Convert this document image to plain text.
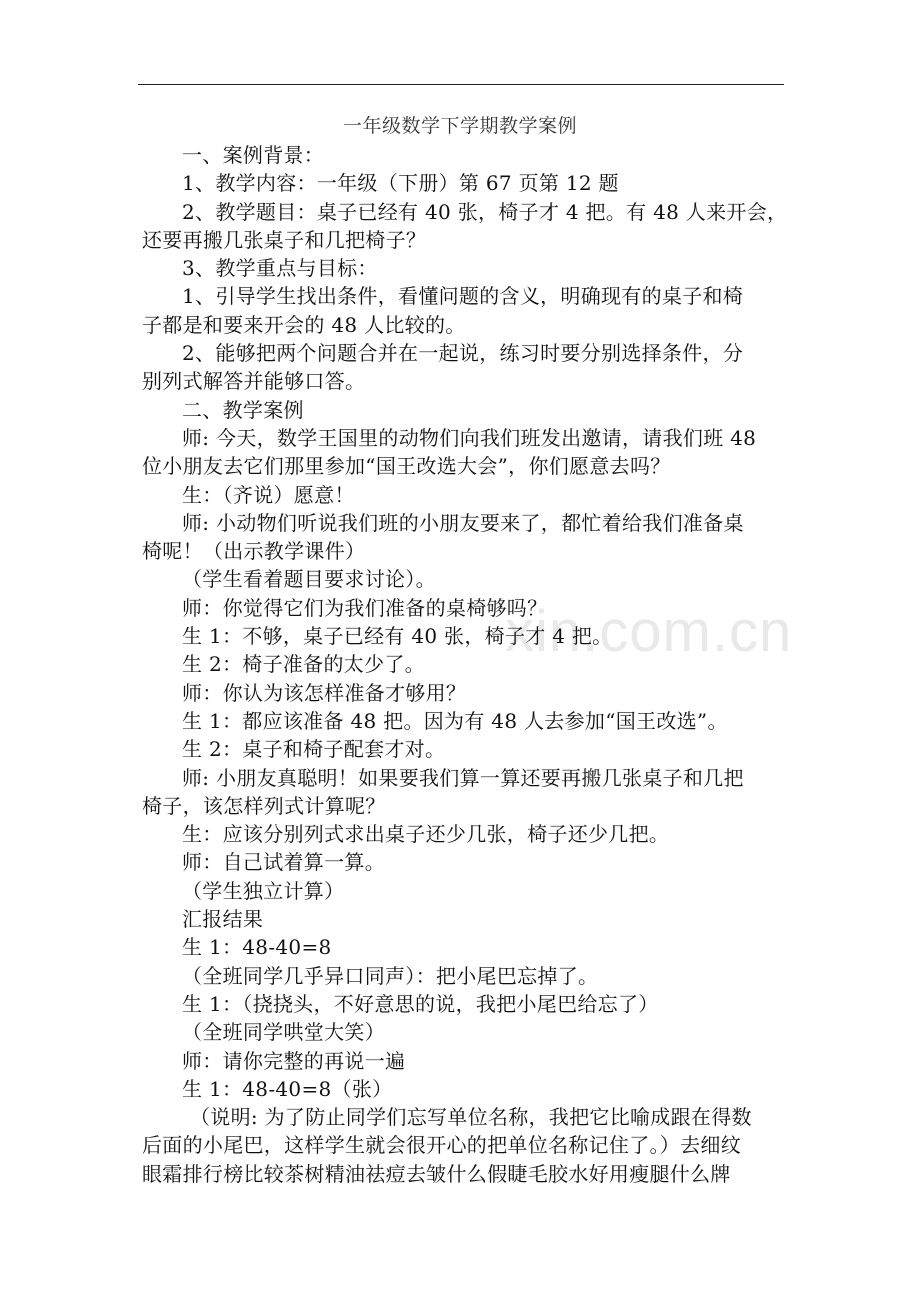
xin.com.cn
一年级数学下学期教学案例
一、案例背景：
1、教学内容：一年级（下册）第 67 页第 12 题
2、教学题目：桌子已经有 40 张，椅子才 4 把。有 48 人来开会，
还要再搬几张桌子和几把椅子？
3、教学重点与目标：
1、引导学生找出条件，看懂问题的含义，明确现有的桌子和椅
子都是和要来开会的 48 人比较的。
2、能够把两个问题合并在一起说，练习时要分别选择条件，分
别列式解答并能够口答。
二、教学案例
师: 今天，数学王国里的动物们向我们班发出邀请，请我们班 48
位小朋友去它们那里参加“国王改选大会”，你们愿意去吗？
生：（齐说）愿意！
师: 小动物们听说我们班的小朋友要来了，都忙着给我们准备桌
椅呢！（出示教学课件）
（学生看着题目要求讨论）。
师：你觉得它们为我们准备的桌椅够吗？
生 1：不够，桌子已经有 40 张，椅子才 4 把。
生 2：椅子准备的太少了。
师：你认为该怎样准备才够用？
生 1：都应该准备 48 把。因为有 48 人去参加“国王改选”。
生 2：桌子和椅子配套才对。
师: 小朋友真聪明！如果要我们算一算还要再搬几张桌子和几把
椅子，该怎样列式计算呢？
生：应该分别列式求出桌子还少几张，椅子还少几把。
师：自己试着算一算。
（学生独立计算）
汇报结果
生 1：48-40=8
（全班同学几乎异口同声）：把小尾巴忘掉了。
生 1：（挠挠头，不好意思的说，我把小尾巴给忘了）
（全班同学哄堂大笑）
师：请你完整的再说一遍
生 1：48-40=8（张）
（说明: 为了防止同学们忘写单位名称，我把它比喻成跟在得数
后面的小尾巴，这样学生就会很开心的把单位名称记住了。）去细纹
眼霜排行榜比较茶树精油祛痘去皱什么假睫毛胶水好用瘦腿什么牌
